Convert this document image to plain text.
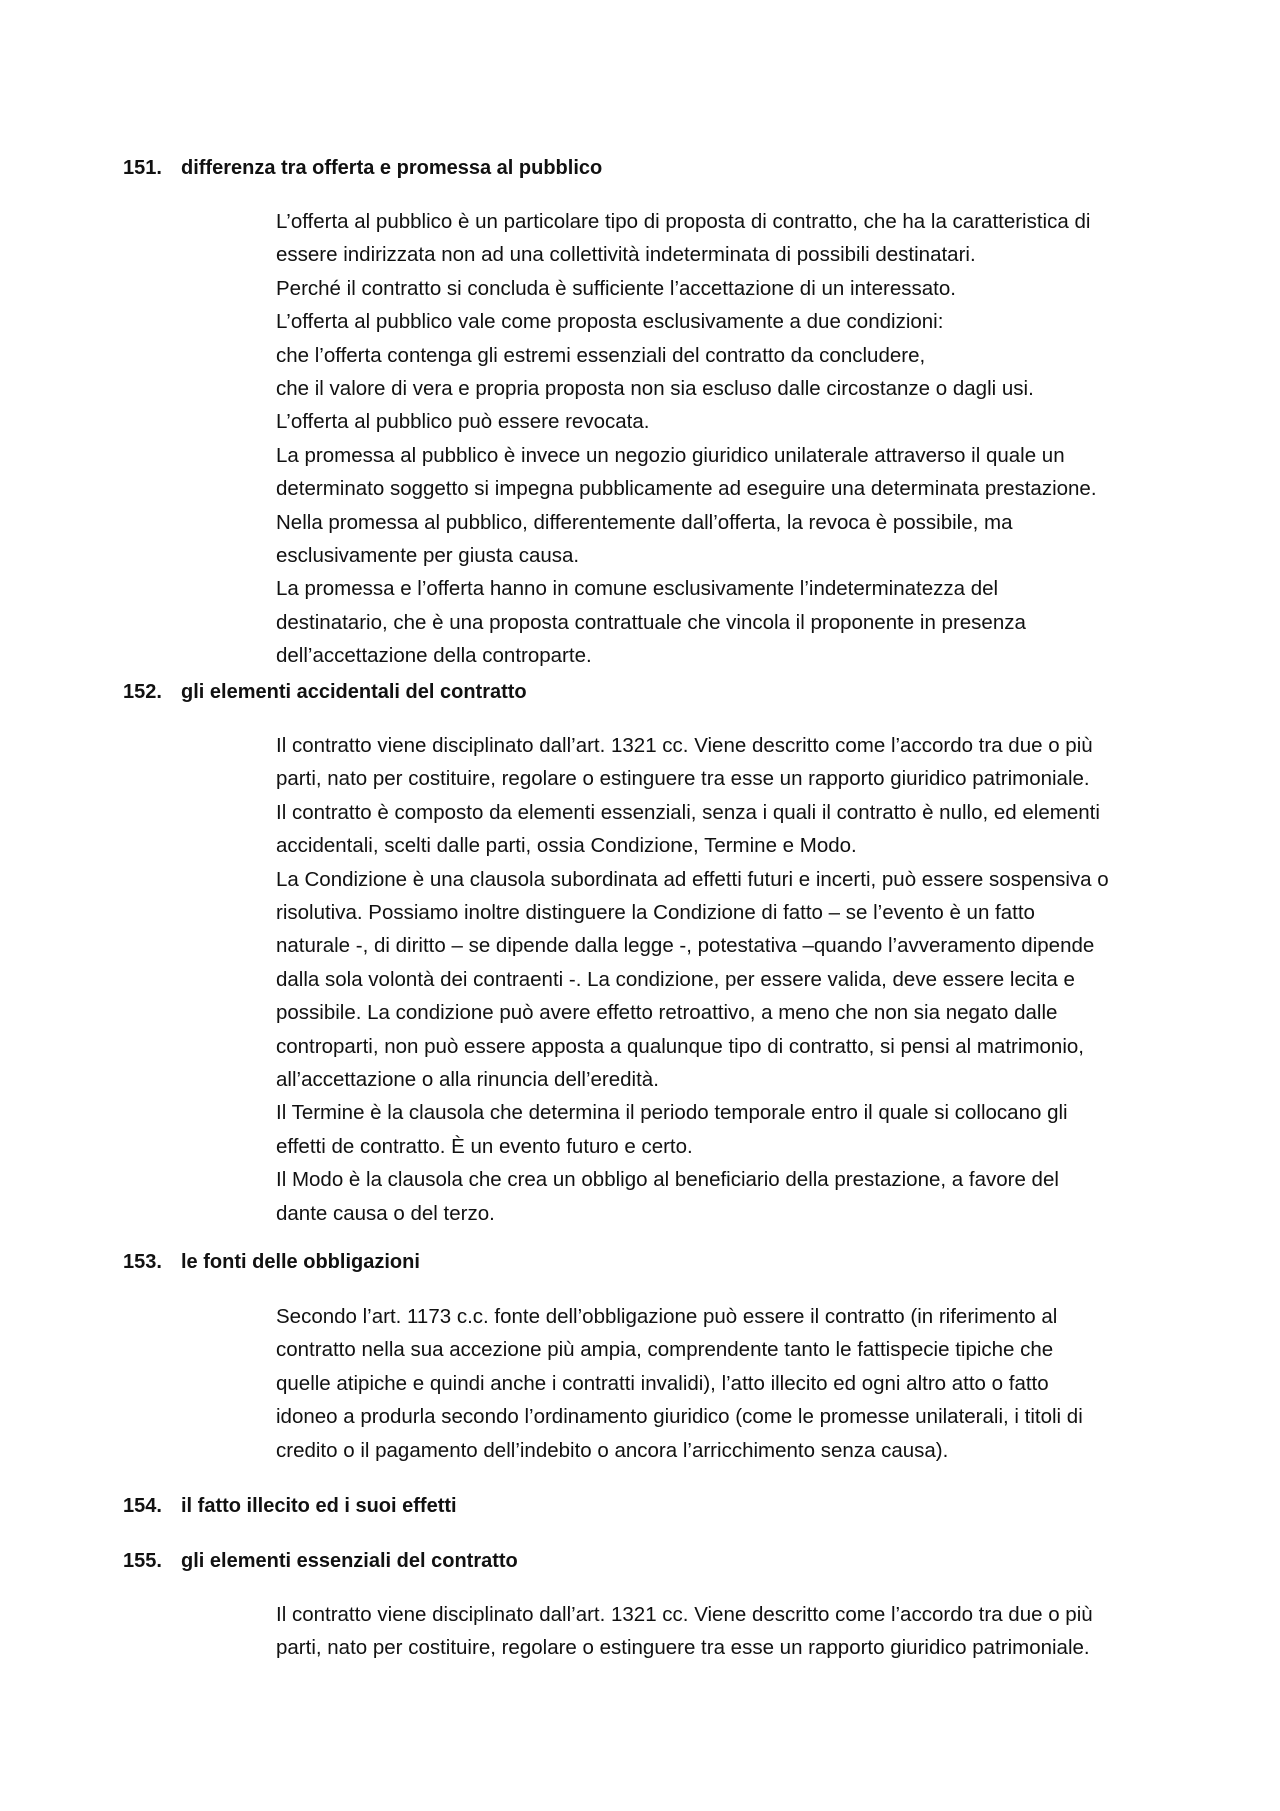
151. differenza tra offerta e promessa al pubblico
L’offerta al pubblico è un particolare tipo di proposta di contratto, che ha la caratteristica di
essere indirizzata non ad una collettività indeterminata di possibili destinatari.
Perché il contratto si concluda è sufficiente l’accettazione di un interessato.
L’offerta al pubblico vale come proposta esclusivamente a due condizioni:
che l’offerta contenga gli estremi essenziali del contratto da concludere,
che il valore di vera e propria proposta non sia escluso dalle circostanze o dagli usi.
L’offerta al pubblico può essere revocata.
La promessa al pubblico è invece un negozio giuridico unilaterale attraverso il quale un
determinato soggetto si impegna pubblicamente ad eseguire una determinata prestazione.
Nella promessa al pubblico, differentemente dall’offerta, la revoca è possibile, ma
esclusivamente per giusta causa.
La promessa e l’offerta hanno in comune esclusivamente l’indeterminatezza del
destinatario, che è una proposta contrattuale che vincola il proponente in presenza
dell’accettazione della controparte.
152. gli elementi accidentali del contratto
Il contratto viene disciplinato dall’art. 1321 cc. Viene descritto come l’accordo tra due o più
parti, nato per costituire, regolare o estinguere tra esse un rapporto giuridico patrimoniale.
Il contratto è composto da elementi essenziali, senza i quali il contratto è nullo, ed elementi
accidentali, scelti dalle parti, ossia Condizione, Termine e Modo.
La Condizione è una clausola subordinata ad effetti futuri e incerti, può essere sospensiva o
risolutiva. Possiamo inoltre distinguere la Condizione di fatto – se l’evento è un fatto
naturale -, di diritto – se dipende dalla legge -, potestativa –quando l’avveramento dipende
dalla sola volontà dei contraenti -. La condizione, per essere valida, deve essere lecita e
possibile. La condizione può avere effetto retroattivo, a meno che non sia negato dalle
controparti, non può essere apposta a qualunque tipo di contratto, si pensi al matrimonio,
all’accettazione o alla rinuncia dell’eredità.
Il Termine è la clausola che determina il periodo temporale entro il quale si collocano gli
effetti de contratto. È un evento futuro e certo.
Il Modo è la clausola che crea un obbligo al beneficiario della prestazione, a favore del
dante causa o del terzo.
153. le fonti delle obbligazioni
Secondo l’art. 1173 c.c. fonte dell’obbligazione può essere il contratto (in riferimento al
contratto nella sua accezione più ampia, comprendente tanto le fattispecie tipiche che
quelle atipiche e quindi anche i contratti invalidi), l’atto illecito ed ogni altro atto o fatto
idoneo a produrla secondo l’ordinamento giuridico (come le promesse unilaterali, i titoli di
credito o il pagamento dell’indebito o ancora l’arricchimento senza causa).
154. il fatto illecito ed i suoi effetti
155. gli elementi essenziali del contratto
Il contratto viene disciplinato dall’art. 1321 cc. Viene descritto come l’accordo tra due o più
parti, nato per costituire, regolare o estinguere tra esse un rapporto giuridico patrimoniale.
